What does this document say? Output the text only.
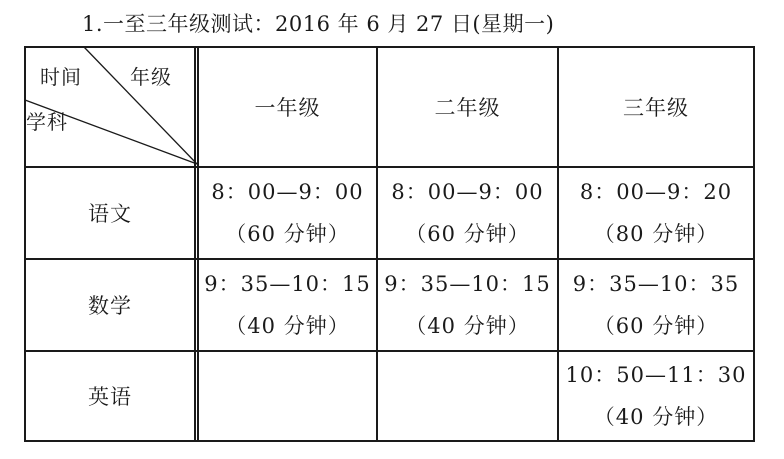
1.一至三年级测试：2016 年 6 月 27 日(星期一)
时间 年级
学科
一年级	二年级	三年级
语文
8：00—9：00
（60 分钟）
8：00—9：00
（60 分钟）
8：00—9：20
（80 分钟）
数学
9：35—10：15
（40 分钟）
9：35—10：15
（40 分钟）
9：35—10：35
（60 分钟）
英语
10：50—11：30
（40 分钟）
